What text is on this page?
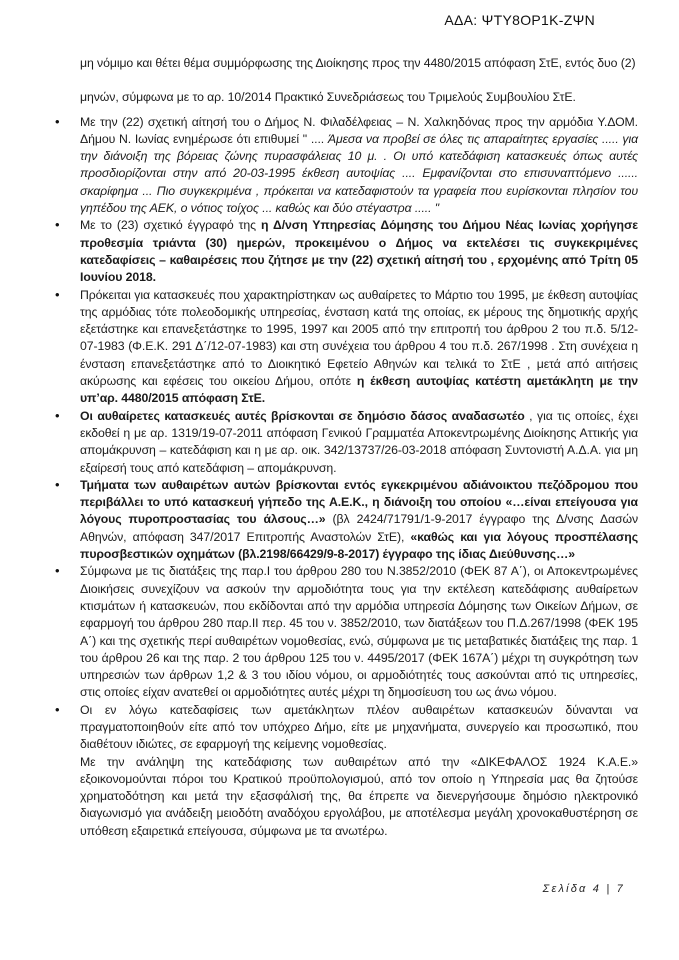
ΑΔΑ: ΨΤΥ8ΟΡ1Κ-ΖΨΝ

μη νόμιμο και θέτει θέμα συμμόρφωσης της Διοίκησης προς την 4480/2015 απόφαση ΣτΕ, εντός δυο (2)

μηνών, σύμφωνα με το αρ. 10/2014 Πρακτικό Συνεδριάσεως του Τριμελούς Συμβουλίου ΣτΕ.

• Με την (22) σχετική αίτησή του ο Δήμος Ν. Φιλαδέλφειας – Ν. Χαλκηδόνας προς την αρμόδια Υ.ΔΟΜ. Δήμου Ν. Ιωνίας ενημέρωσε ότι επιθυμεί " .... Άμεσα να προβεί σε όλες τις απαραίτητες εργασίες ..... για την διάνοιξη της βόρειας ζώνης πυρασφάλειας 10 μ. . Οι υπό κατεδάφιση κατασκευές όπως αυτές προσδιορίζονται στην από 20-03-1995 έκθεση αυτοψίας .... Εμφανίζονται στο επισυναπτόμενο ...... σκαρίφημα ... Πιο συγκεκριμένα , πρόκειται να κατεδαφιστούν τα γραφεία που ευρίσκονται πλησίον του γηπέδου της ΑΕΚ, ο νότιος τοίχος ... καθώς και δύο στέγαστρα ..... "
• Με το (23) σχετικό έγγραφό της η Δ/νση Υπηρεσίας Δόμησης του Δήμου Νέας Ιωνίας χορήγησε προθεσμία τριάντα (30) ημερών, προκειμένου ο Δήμος να εκτελέσει τις συγκεκριμένες κατεδαφίσεις – καθαιρέσεις που ζήτησε με την (22) σχετική αίτησή του , ερχομένης από Τρίτη 05 Ιουνίου 2018.
• Πρόκειται για κατασκευές που χαρακτηρίστηκαν ως αυθαίρετες το Μάρτιο του 1995, με έκθεση αυτοψίας της αρμόδιας τότε πολεοδομικής υπηρεσίας, ένσταση κατά της οποίας, εκ μέρους της δημοτικής αρχής εξετάστηκε και επανεξετάστηκε το 1995, 1997 και 2005 από την επιτροπή του άρθρου 2 του π.δ. 5/12-07-1983 (Φ.Ε.Κ. 291 Δ΄/12-07-1983) και στη συνέχεια του άρθρου 4 του π.δ. 267/1998 . Στη συνέχεια η ένσταση επανεξετάστηκε από το Διοικητικό Εφετείο Αθηνών και τελικά το ΣτΕ , μετά από αιτήσεις ακύρωσης και εφέσεις του οικείου Δήμου, οπότε η έκθεση αυτοψίας κατέστη αμετάκλητη με την υπ’αρ. 4480/2015 απόφαση ΣτΕ.
• Οι αυθαίρετες κατασκευές αυτές βρίσκονται σε δημόσιο δάσος αναδασωτέο , για τις οποίες, έχει εκδοθεί η με αρ. 1319/19-07-2011 απόφαση Γενικού Γραμματέα Αποκεντρωμένης Διοίκησης Αττικής για απομάκρυνση – κατεδάφιση και η με αρ. οικ. 342/13737/26-03-2018 απόφαση Συντονιστή Α.Δ.Α. για μη εξαίρεσή τους από κατεδάφιση – απομάκρυνση.
• Τμήματα των αυθαιρέτων αυτών βρίσκονται εντός εγκεκριμένου αδιάνοικτου πεζόδρομου που περιβάλλει το υπό κατασκευή γήπεδο της Α.Ε.Κ., η διάνοιξη του οποίου «…είναι επείγουσα για λόγους πυροπροστασίας του άλσους…» (βλ 2424/71791/1-9-2017 έγγραφο της Δ/νσης Δασών Αθηνών, απόφαση 347/2017 Επιτροπής Αναστολών ΣτΕ), «καθώς και για λόγους προσπέλασης πυροσβεστικών οχημάτων (βλ.2198/66429/9-8-2017) έγγραφο της ίδιας Διεύθυνσης…»
• Σύμφωνα με τις διατάξεις της παρ.Ι του άρθρου 280 του Ν.3852/2010 (ΦΕΚ 87 Α΄), οι Αποκεντρωμένες Διοικήσεις συνεχίζουν να ασκούν την αρμοδιότητα τους για την εκτέλεση κατεδάφισης αυθαίρετων κτισμάτων ή κατασκευών, που εκδίδονται από την αρμόδια υπηρεσία Δόμησης των Οικείων Δήμων, σε εφαρμογή του άρθρου 280 παρ.ΙΙ περ. 45 του ν. 3852/2010, των διατάξεων του Π.Δ.267/1998 (ΦΕΚ 195 Α΄) και της σχετικής περί αυθαιρέτων νομοθεσίας, ενώ, σύμφωνα με τις μεταβατικές διατάξεις της παρ. 1 του άρθρου 26 και της παρ. 2 του άρθρου 125 του ν. 4495/2017 (ΦΕΚ 167Α΄) μέχρι τη συγκρότηση των υπηρεσιών των άρθρων 1,2 & 3 του ιδίου νόμου, οι αρμοδιότητές τους ασκούνται από τις υπηρεσίες, στις οποίες είχαν ανατεθεί οι αρμοδιότητες αυτές μέχρι τη δημοσίευση του ως άνω νόμου.
• Οι εν λόγω κατεδαφίσεις των αμετάκλητων πλέον αυθαιρέτων κατασκευών δύνανται να πραγματοποιηθούν είτε από τον υπόχρεο Δήμο, είτε με μηχανήματα, συνεργείο και προσωπικό, που διαθέτουν ιδιώτες, σε εφαρμογή της κείμενης νομοθεσίας.

Με την ανάληψη της κατεδάφισης των αυθαιρέτων από την «ΔΙΚΕΦΑΛΟΣ 1924 Κ.Α.Ε.» εξοικονομούνται πόροι του Κρατικού προϋπολογισμού, από τον οποίο η Υπηρεσία μας θα ζητούσε χρηματοδότηση και μετά την εξασφάλισή της, θα έπρεπε να διενεργήσουμε δημόσιο ηλεκτρονικό διαγωνισμό για ανάδειξη μειοδότη αναδόχου εργολάβου, με αποτέλεσμα μεγάλη χρονοκαθυστέρηση σε υπόθεση εξαιρετικά επείγουσα, σύμφωνα με τα ανωτέρω.

Σελίδα 4 | 7
